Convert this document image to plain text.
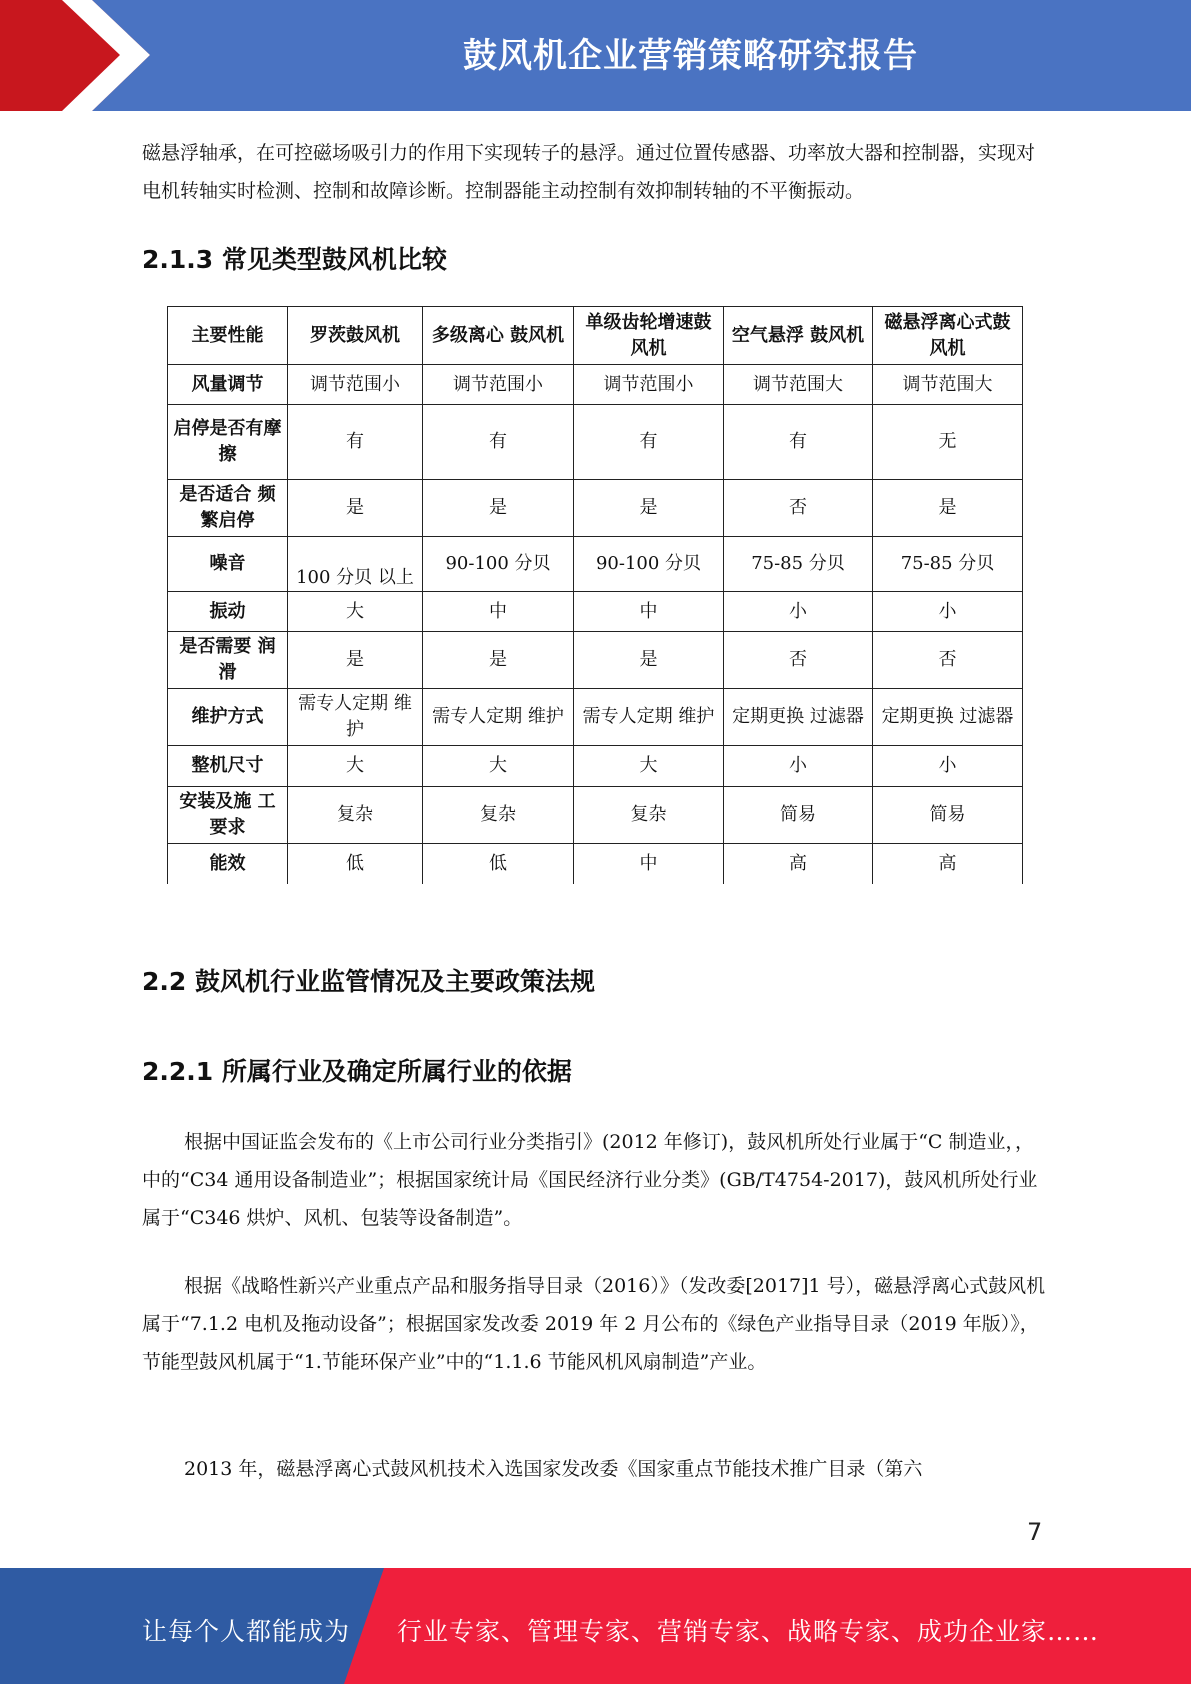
鼓风机企业营销策略研究报告

磁悬浮轴承，在可控磁场吸引力的作用下实现转子的悬浮。通过位置传感器、功率放大器和控制器，实现对电机转轴实时检测、控制和故障诊断。控制器能主动控制有效抑制转轴的不平衡振动。

2.1.3 常见类型鼓风机比较
主要性能	罗茨鼓风机	多级离心 鼓风机	单级齿轮增速鼓风机	空气悬浮 鼓风机	磁悬浮离心式鼓风机
风量调节	调节范围小	调节范围小	调节范围小	调节范围大	调节范围大
启停是否有摩擦	有	有	有	有	无
是否适合 频繁启停	是	是	是	否	是
噪音	100 分贝 以上	90-100 分贝	90-100 分贝	75-85 分贝	75-85 分贝
振动	大	中	中	小	小
是否需要 润滑	是	是	是	否	否
维护方式	需专人定期 维护	需专人定期 维护	需专人定期 维护	定期更换 过滤器	定期更换 过滤器
整机尺寸	大	大	大	小	小
安装及施 工要求	复杂	复杂	复杂	简易	简易
能效	低	低	中	高	高
2.2 鼓风机行业监管情况及主要政策法规
2.2.1 所属行业及确定所属行业的依据

根据中国证监会发布的《上市公司行业分类指引》(2012 年修订)，鼓风机所处行业属于“C 制造业，，中的“C34 通用设备制造业”；根据国家统计局《国民经济行业分类》(GB/T4754-2017)，鼓风机所处行业属于“C346 烘炉、风机、包装等设备制造”。

根据《战略性新兴产业重点产品和服务指导目录（2016）》（发改委[2017]1 号），磁悬浮离心式鼓风机属于“7.1.2 电机及拖动设备”；根据国家发改委 2019 年 2 月公布的《绿色产业指导目录（2019 年版）》，节能型鼓风机属于“1.节能环保产业”中的“1.1.6 节能风机风扇制造”产业。

2013 年，磁悬浮离心式鼓风机技术入选国家发改委《国家重点节能技术推广目录（第六

7
让每个人都能成为 行业专家、管理专家、营销专家、战略专家、成功企业家……
